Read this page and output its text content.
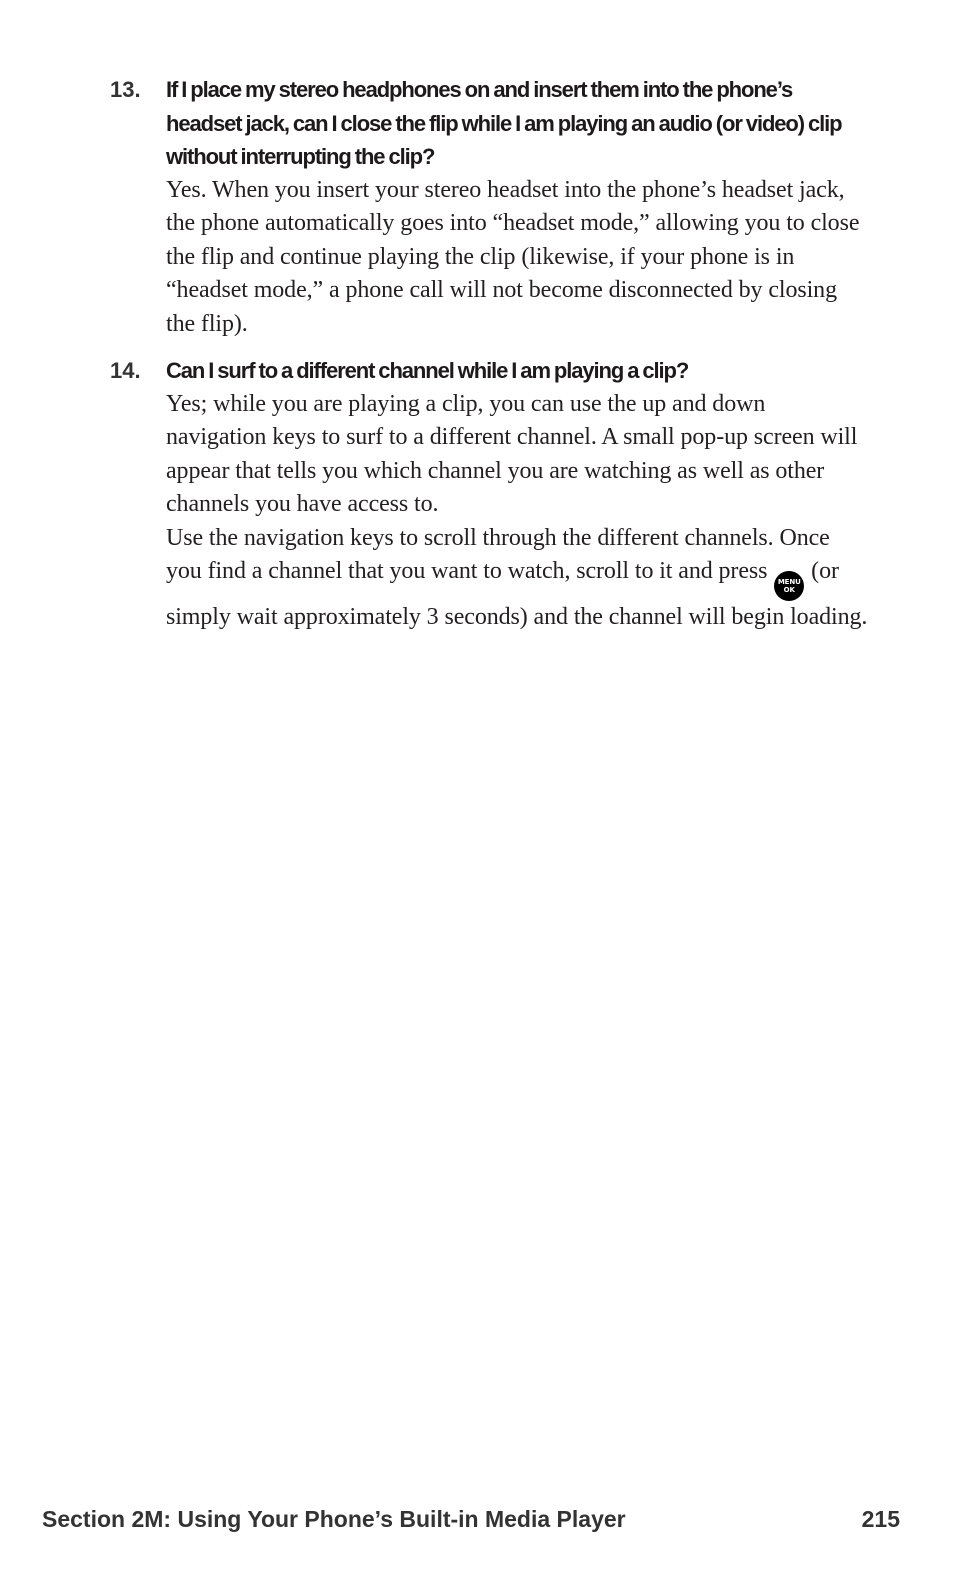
13. If I place my stereo headphones on and insert them into the phone’s headset jack, can I close the flip while I am playing an audio (or video) clip without interrupting the clip?

Yes. When you insert your stereo headset into the phone’s headset jack, the phone automatically goes into “headset mode,” allowing you to close the flip and continue playing the clip (likewise, if your phone is in “headset mode,” a phone call will not become disconnected by closing the flip).

14. Can I surf to a different channel while I am playing a clip?

Yes; while you are playing a clip, you can use the up and down navigation keys to surf to a different channel. A small pop-up screen will appear that tells you which channel you are watching as well as other channels you have access to.

Use the navigation keys to scroll through the different channels. Once you find a channel that you want to watch, scroll to it and press MENU
OK
(or simply wait approximately 3 seconds) and the channel will begin loading.

Section 2M: Using Your Phone’s Built-in Media Player	215
